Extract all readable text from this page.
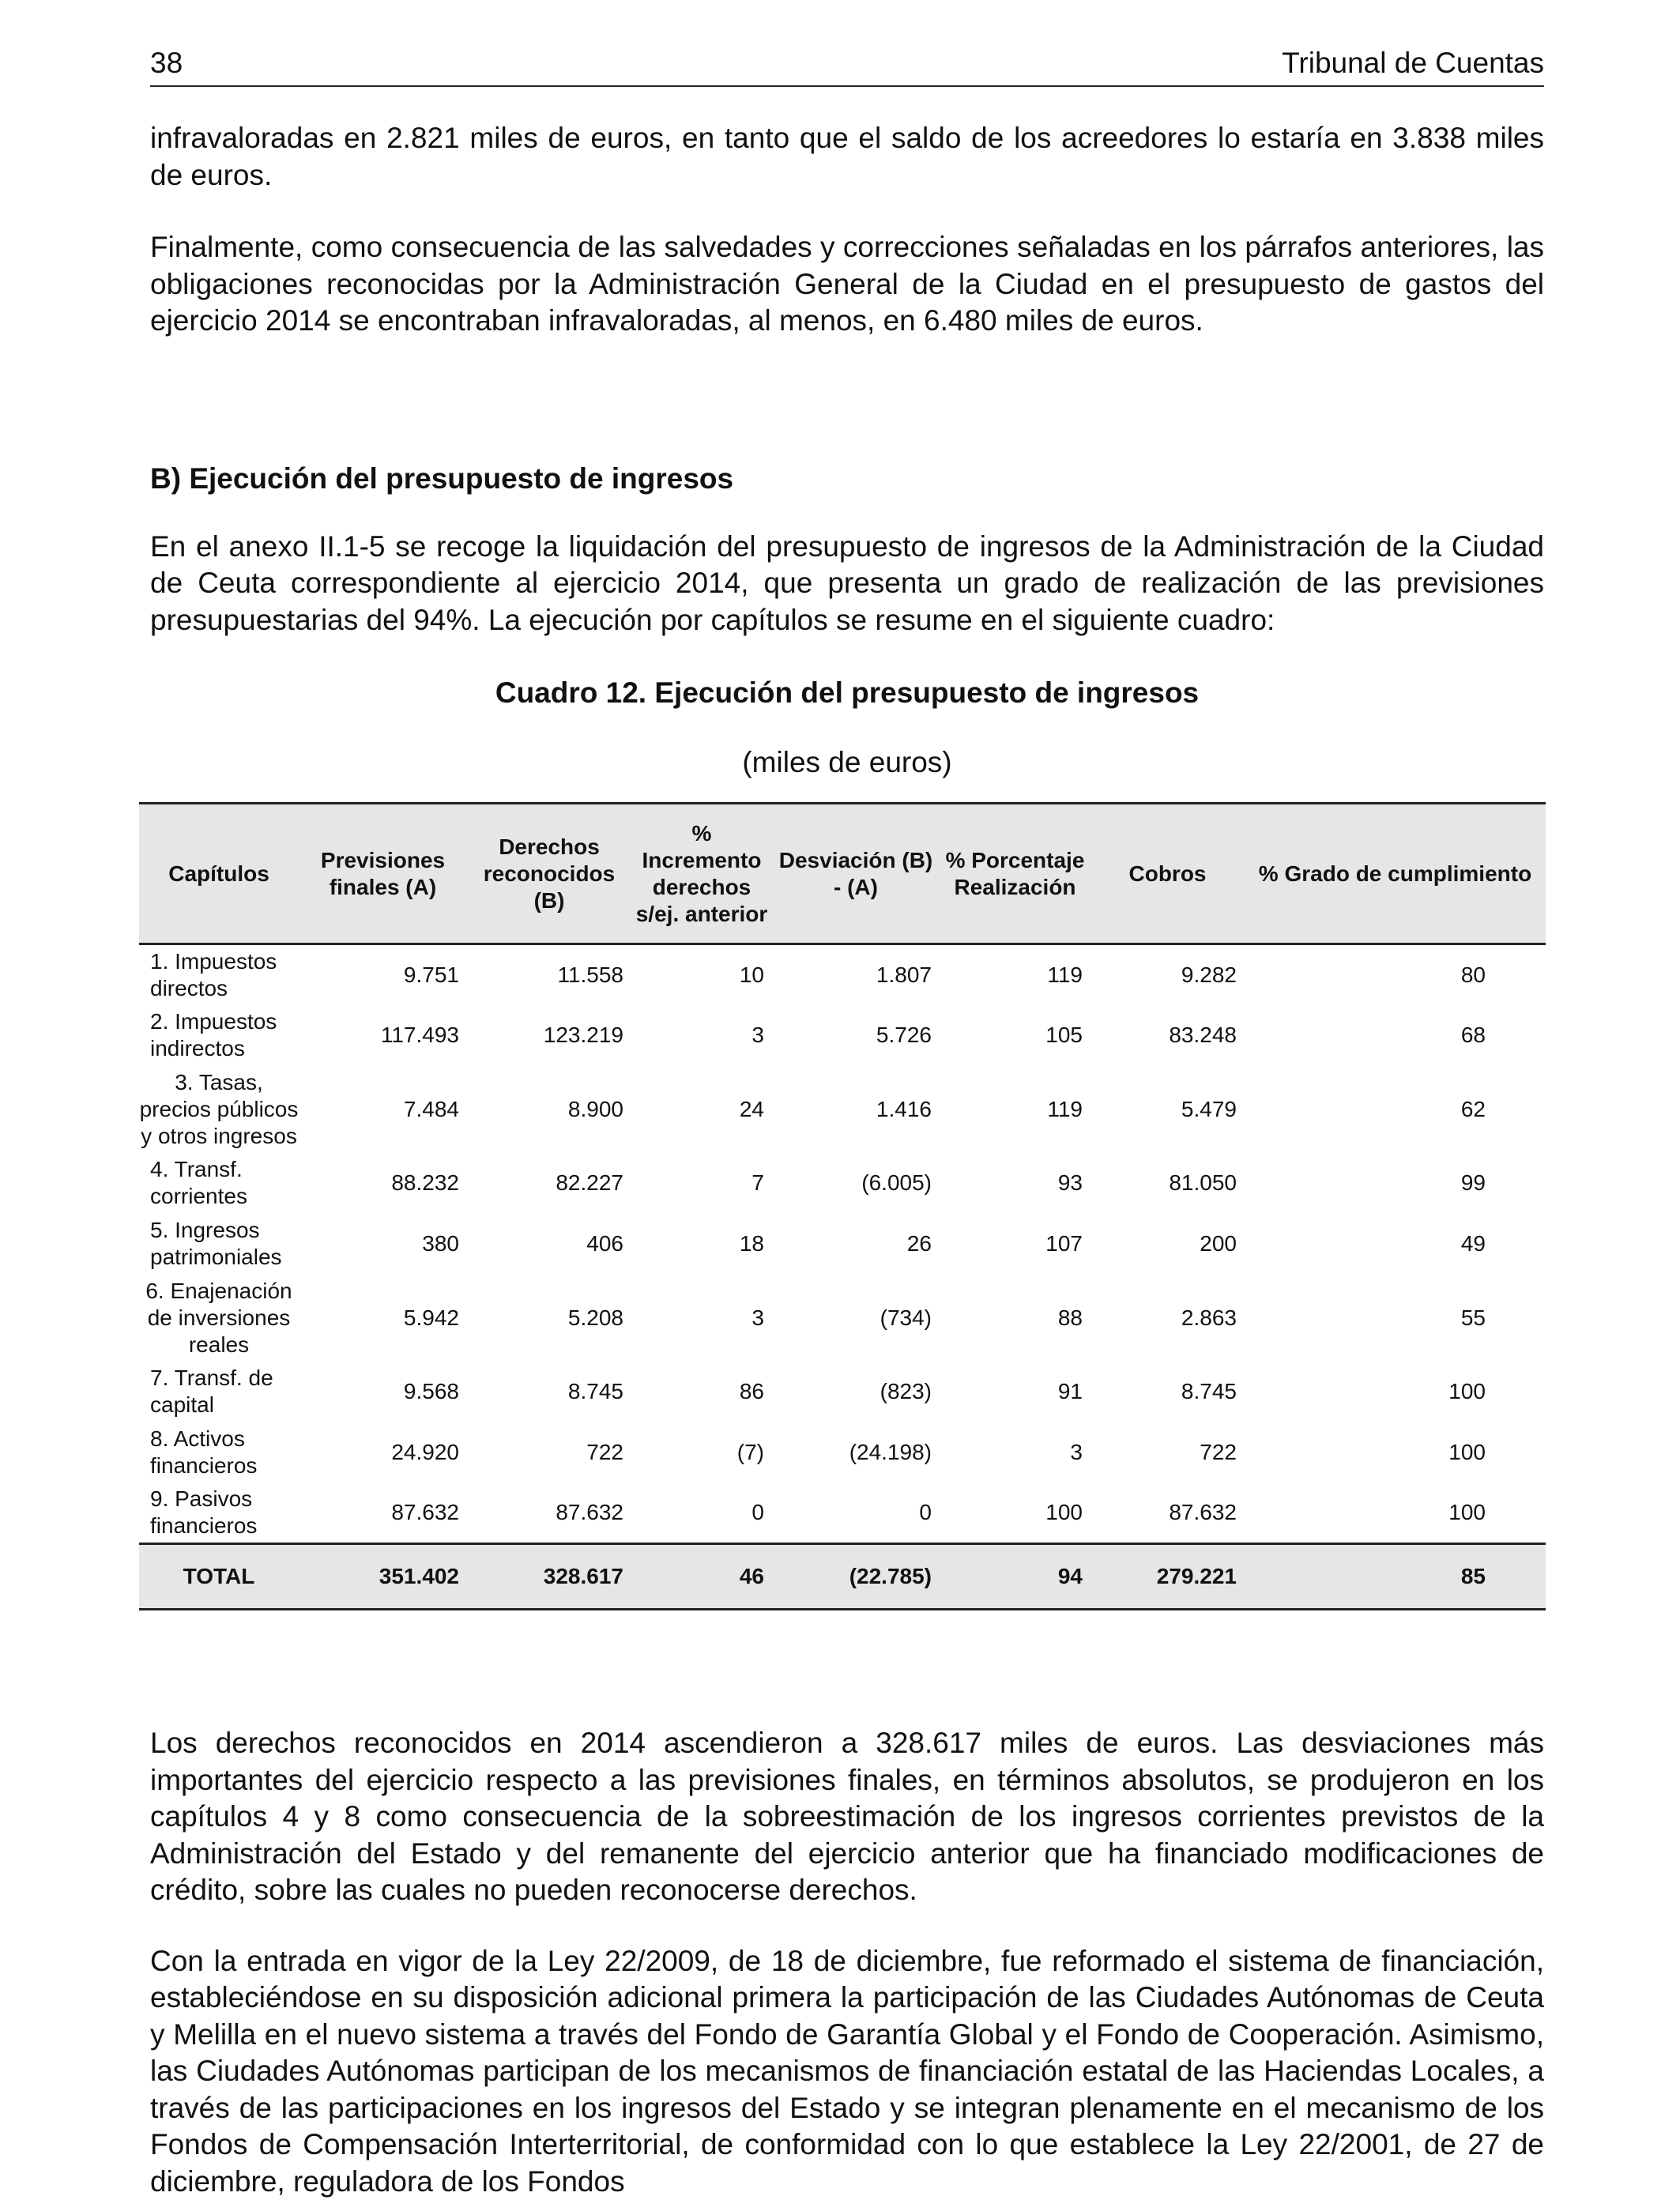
38	Tribunal de Cuentas

infravaloradas en 2.821 miles de euros, en tanto que el saldo de los acreedores lo estaría en 3.838 miles de euros.

Finalmente, como consecuencia de las salvedades y correcciones señaladas en los párrafos anteriores, las obligaciones reconocidas por la Administración General de la Ciudad en el presupuesto de gastos del ejercicio 2014 se encontraban infravaloradas, al menos, en 6.480 miles de euros.

B) Ejecución del presupuesto de ingresos

En el anexo II.1-5 se recoge la liquidación del presupuesto de ingresos de la Administración de la Ciudad de Ceuta correspondiente al ejercicio 2014, que presenta un grado de realización de las previsiones presupuestarias del 94%. La ejecución por capítulos se resume en el siguiente cuadro:

Cuadro 12. Ejecución del presupuesto de ingresos
(miles de euros)
Capítulos	Previsiones finales (A)	Derechos reconocidos (B)	% Incremento derechos s/ej. anterior	Desviación (B) - (A)	% Porcentaje Realización	Cobros	% Grado de cumplimiento
1. Impuestos directos	9.751	11.558	10	1.807	119	9.282	80
2. Impuestos indirectos	117.493	123.219	3	5.726	105	83.248	68
3. Tasas, precios públicos y otros ingresos	7.484	8.900	24	1.416	119	5.479	62
4. Transf. corrientes	88.232	82.227	7	(6.005)	93	81.050	99
5. Ingresos patrimoniales	380	406	18	26	107	200	49
6. Enajenación de inversiones reales	5.942	5.208	3	(734)	88	2.863	55
7. Transf. de capital	9.568	8.745	86	(823)	91	8.745	100
8. Activos financieros	24.920	722	(7)	(24.198)	3	722	100
9. Pasivos financieros	87.632	87.632	0	0	100	87.632	100
TOTAL	351.402	328.617	46	(22.785)	94	279.221	85

Los derechos reconocidos en 2014 ascendieron a 328.617 miles de euros. Las desviaciones más importantes del ejercicio respecto a las previsiones finales, en términos absolutos, se produjeron en los capítulos 4 y 8 como consecuencia de la sobreestimación de los ingresos corrientes previstos de la Administración del Estado y del remanente del ejercicio anterior que ha financiado modificaciones de crédito, sobre las cuales no pueden reconocerse derechos.

Con la entrada en vigor de la Ley 22/2009, de 18 de diciembre, fue reformado el sistema de financiación, estableciéndose en su disposición adicional primera la participación de las Ciudades Autónomas de Ceuta y Melilla en el nuevo sistema a través del Fondo de Garantía Global y el Fondo de Cooperación. Asimismo, las Ciudades Autónomas participan de los mecanismos de financiación estatal de las Haciendas Locales, a través de las participaciones en los ingresos del Estado y se integran plenamente en el mecanismo de los Fondos de Compensación Interterritorial, de conformidad con lo que establece la Ley 22/2001, de 27 de diciembre, reguladora de los Fondos
